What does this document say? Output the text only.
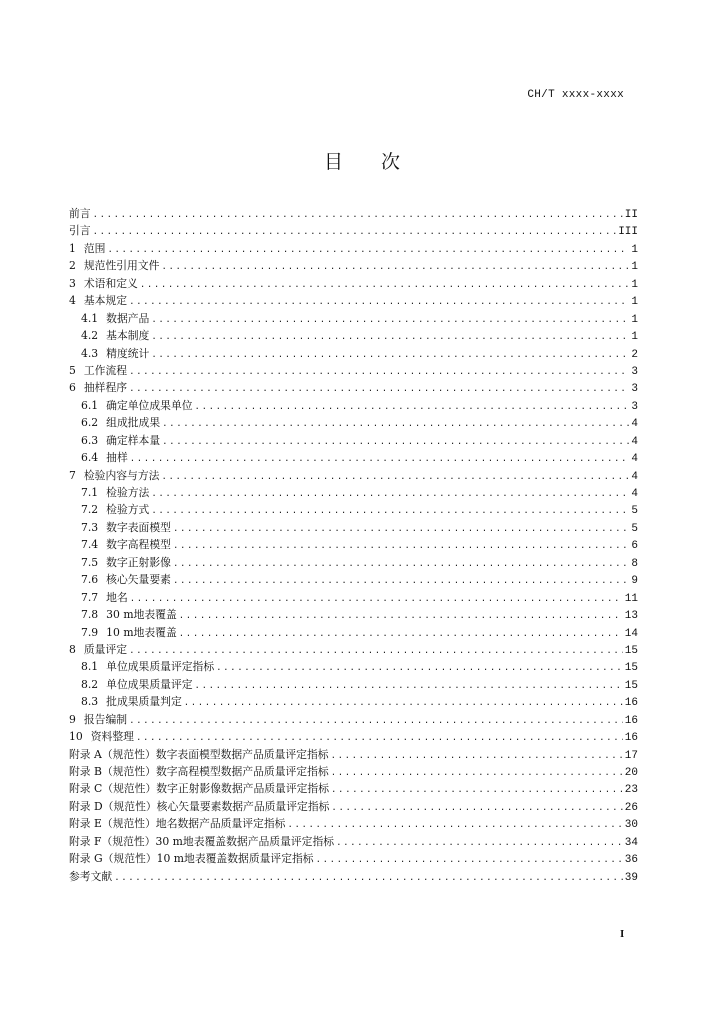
CH/T xxxx-xxxx
目次
前言 .....	II
引言 .....	III
1 范围 .....	1
2 规范性引用文件 .....	1
3 术语和定义 .....	1
4 基本规定 .....	1
4.1 数据产品 .....	1
4.2 基本制度 .....	1
4.3 精度统计 .....	2
5 工作流程 .....	3
6 抽样程序 .....	3
6.1 确定单位成果单位 .....	3
6.2 组成批成果 .....	4
6.3 确定样本量 .....	4
6.4 抽样 .....	4
7 检验内容与方法 .....	4
7.1 检验方法 .....	4
7.2 检验方式 .....	5
7.3 数字表面模型 .....	5
7.4 数字高程模型 .....	6
7.5 数字正射影像 .....	8
7.6 核心矢量要素 .....	9
7.7 地名 .....	11
7.8 30 m地表覆盖 .....	13
7.9 10 m地表覆盖 .....	14
8 质量评定 .....	15
8.1 单位成果质量评定指标 .....	15
8.2 单位成果质量评定 .....	15
8.3 批成果质量判定 .....	16
9 报告编制 .....	16
10 资料整理 .....	16
附录 A（规范性）数字表面模型数据产品质量评定指标 .....	17
附录 B（规范性）数字高程模型数据产品质量评定指标 .....	20
附录 C（规范性）数字正射影像数据产品质量评定指标 .....	23
附录 D（规范性）核心矢量要素数据产品质量评定指标 .....	26
附录 E（规范性）地名数据产品质量评定指标 .....	30
附录 F（规范性）30 m地表覆盖数据产品质量评定指标 .....	34
附录 G（规范性）10 m地表覆盖数据质量评定指标 .....	36
参考文献 .....	39
I
